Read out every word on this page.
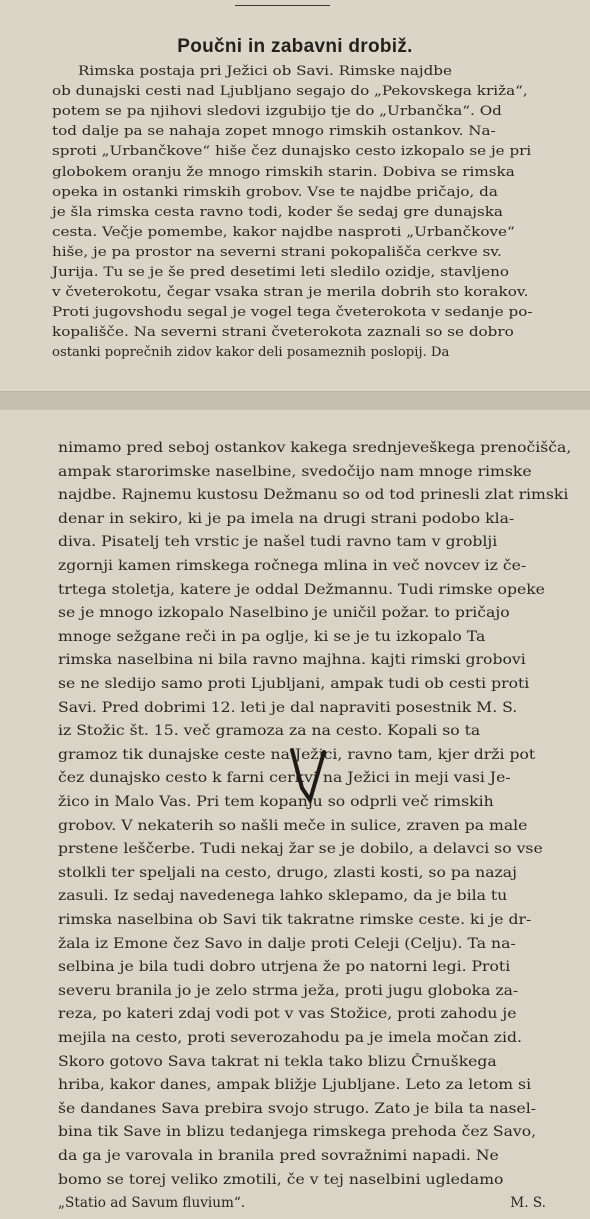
Poučni in zabavni drobiž.
Rimska postaja pri Ježici ob Savi. Rimske najdbe
ob dunajski cesti nad Ljubljano segajo do „Pekovskega križa“,
potem se pa njihovi sledovi izgubijo tje do „Urbančka“. Od
tod dalje pa se nahaja zopet mnogo rimskih ostankov. Na-
sproti „Urbančkove“ hiše čez dunajsko cesto izkopalo se je pri
globokem oranju že mnogo rimskih starin. Dobiva se rimska
opeka in ostanki rimskih grobov. Vse te najdbe pričajo, da
je šla rimska cesta ravno todi, koder še sedaj gre dunajska
cesta. Večje pomembe, kakor najdbe nasproti „Urbančkove“
hiše, je pa prostor na severni strani pokopališča cerkve sv.
Jurija. Tu se je še pred desetimi leti sledilo ozidje, stavljeno
v čveterokotu, čegar vsaka stran je merila dobrih sto korakov.
Proti jugovshodu segal je vogel tega čveterokota v sedanje po-
kopališče. Na severni strani čveterokota zaznali so se dobro
ostanki poprečnih zidov kakor deli posameznih poslopij. Da
nimamo pred seboj ostankov kakega srednjeveškega prenočišča,
ampak starorimske naselbine, svedočijo nam mnoge rimske
najdbe. Rajnemu kustosu Dežmanu so od tod prinesli zlat rimski
denar in sekiro, ki je pa imela na drugi strani podobo kla-
diva. Pisatelj teh vrstic je našel tudi ravno tam v grobljі
zgornji kamen rimskega ročnega mlina in več novcev iz če-
trtega stoletja, katere je oddal Dežmannu. Tudi rimske opeke
se je mnogo izkopalo Naselbino je uničil požar. to pričajo
mnoge sežgane reči in pa oglje, ki se je tu izkopalo Ta
rimska naselbina ni bila ravno majhna. kajti rimski grobovi
se ne sledijo samo proti Ljubljani, ampak tudi ob cesti proti
Savi. Pred dobrimi 12. leti je dal napraviti posestnik M. S.
iz Stožic št. 15. več gramoza za na cesto. Kopali so ta
gramoz tik dunajske ceste na Ježici, ravno tam, kjer drži pot
čez dunajsko cesto k farni cerkvi na Ježici in meji vasi Je-
žico in Malo Vas. Pri tem kopanju so odprli več rimskih
grobov. V nekaterih so našli meče in sulice, zraven pa male
prstene leščerbe. Tudi nekaj žar se je dobilo, a delavci so vse
stolkli ter speljali na cesto, drugo, zlasti kosti, so pa nazaj
zasuli. Iz sedaj navedenega lahko sklepamo, da je bila tu
rimska naselbina ob Savi tik takratne rimske ceste. ki je dr-
žala iz Emone čez Savo in dalje proti Celeji (Celju). Ta na-
selbina je bila tudi dobro utrjena že po natorni legi. Proti
severu branila jo je zelo strma ježa, proti jugu globoka za-
reza, po kateri zdaj vodi pot v vas Stožice, proti zahodu je
mejila na cesto, proti severozahodu pa je imela močan zid.
Skoro gotovo Sava takrat ni tekla tako blizu Črnuškega
hriba, kakor danes, ampak bližje Ljubljane. Leto za letom si
še dandanes Sava prebira svojo strugo. Zato je bila ta nasel-
bina tik Save in blizu tedanjega rimskega prehoda čez Savo,
da ga je varovala in branila pred sovražnimi napadi. Ne
bomo se torej veliko zmotili, če v tej naselbini ugledamo
„Statio ad Savum fluvium“.	M. S.
